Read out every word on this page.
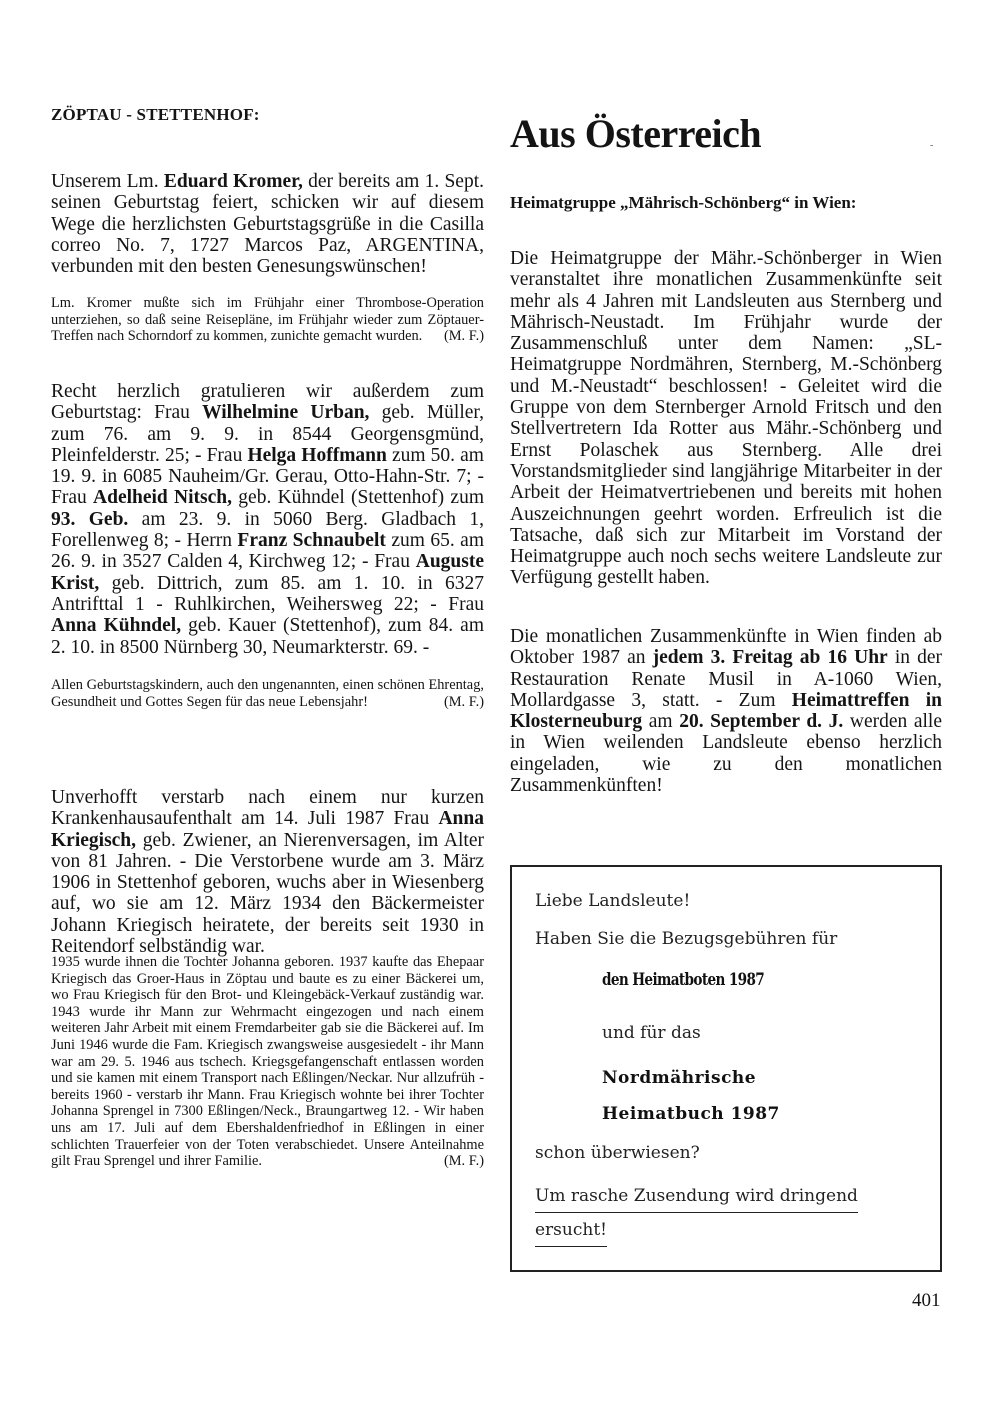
ZÖPTAU - STETTENHOF:
Unserem Lm. Eduard Kromer, der bereits am 1. Sept. seinen Geburtstag feiert, schicken wir auf diesem Wege die herzlichsten Geburtstagsgrüße in die Casilla correo No. 7, 1727 Marcos Paz, ARGENTINA, verbunden mit den besten Genesungswünschen!
Lm. Kromer mußte sich im Frühjahr einer Thrombose-Operation unterziehen, so daß seine Reisepläne, im Frühjahr wieder zum Zöptauer-Treffen nach Schorndorf zu kommen, zunichte gemacht wurden. (M. F.)
Recht herzlich gratulieren wir außerdem zum Geburtstag: Frau Wilhelmine Urban, geb. Müller, zum 76. am 9. 9. in 8544 Georgensgmünd, Pleinfelderstr. 25; - Frau Helga Hoffmann zum 50. am 19. 9. in 6085 Nauheim/Gr. Gerau, Otto-Hahn-Str. 7; - Frau Adelheid Nitsch, geb. Kühndel (Stettenhof) zum 93. Geb. am 23. 9. in 5060 Berg. Gladbach 1, Forellenweg 8; - Herrn Franz Schnaubelt zum 65. am 26. 9. in 3527 Calden 4, Kirchweg 12; - Frau Auguste Krist, geb. Dittrich, zum 85. am 1. 10. in 6327 Antrifttal 1 - Ruhlkirchen, Weihersweg 22; - Frau Anna Kühndel, geb. Kauer (Stettenhof), zum 84. am 2. 10. in 8500 Nürnberg 30, Neumarkterstr. 69. -
Allen Geburtstagskindern, auch den ungenannten, einen schönen Ehrentag, Gesundheit und Gottes Segen für das neue Lebensjahr!	(M. F.)
Unverhofft verstarb nach einem nur kurzen Krankenhausaufenthalt am 14. Juli 1987 Frau Anna Kriegisch, geb. Zwiener, an Nierenversagen, im Alter von 81 Jahren. - Die Verstorbene wurde am 3. März 1906 in Stettenhof geboren, wuchs aber in Wiesenberg auf, wo sie am 12. März 1934 den Bäckermeister Johann Kriegisch heiratete, der bereits seit 1930 in Reitendorf selbständig war.
1935 wurde ihnen die Tochter Johanna geboren. 1937 kaufte das Ehepaar Kriegisch das Groer-Haus in Zöptau und baute es zu einer Bäckerei um, wo Frau Kriegisch für den Brot- und Kleingebäck-Verkauf zuständig war. 1943 wurde ihr Mann zur Wehrmacht eingezogen und nach einem weiteren Jahr Arbeit mit einem Fremdarbeiter gab sie die Bäckerei auf. Im Juni 1946 wurde die Fam. Kriegisch zwangsweise ausgesiedelt - ihr Mann war am 29. 5. 1946 aus tschech. Kriegsgefangenschaft entlassen worden und sie kamen mit einem Transport nach Eßlingen/Neckar. Nur allzufrüh - bereits 1960 - verstarb ihr Mann. Frau Kriegisch wohnte bei ihrer Tochter Johanna Sprengel in 7300 Eßlingen/Neck., Braungartweg 12. - Wir haben uns am 17. Juli auf dem Ebershaldenfriedhof in Eßlingen in einer schlichten Trauerfeier von der Toten verabschiedet. Unsere Anteilnahme gilt Frau Sprengel und ihrer Familie.	(M. F.)
Aus Österreich	-
Heimatgruppe „Mährisch-Schönberg“ in Wien:
Die Heimatgruppe der Mähr.-Schönberger in Wien veranstaltet ihre monatlichen Zusammenkünfte seit mehr als 4 Jahren mit Landsleuten aus Sternberg und Mährisch-Neustadt. Im Frühjahr wurde der Zusammenschluß unter dem Namen: „SL-Heimatgruppe Nordmähren, Sternberg, M.-Schönberg und M.-Neustadt“ beschlossen! - Geleitet wird die Gruppe von dem Sternberger Arnold Fritsch und den Stellvertretern Ida Rotter aus Mähr.-Schönberg und Ernst Polaschek aus Sternberg. Alle drei Vorstandsmitglieder sind langjährige Mitarbeiter in der Arbeit der Heimatvertriebenen und bereits mit hohen Auszeichnungen geehrt worden. Erfreulich ist die Tatsache, daß sich zur Mitarbeit im Vorstand der Heimatgruppe auch noch sechs weitere Landsleute zur Verfügung gestellt haben.
Die monatlichen Zusammenkünfte in Wien finden ab Oktober 1987 an jedem 3. Freitag ab 16 Uhr in der Restauration Renate Musil in A-1060 Wien, Mollardgasse 3, statt. - Zum Heimattreffen in Klosterneuburg am 20. September d. J. werden alle in Wien weilenden Landsleute ebenso herzlich eingeladen, wie zu den monatlichen Zusammenkünften!
Liebe Landsleute!
Haben Sie die Bezugsgebühren für
den Heimatboten 1987
und für das
Nordmährische
Heimatbuch 1987
schon überwiesen?
Um rasche Zusendung wird dringend
ersucht!
401
